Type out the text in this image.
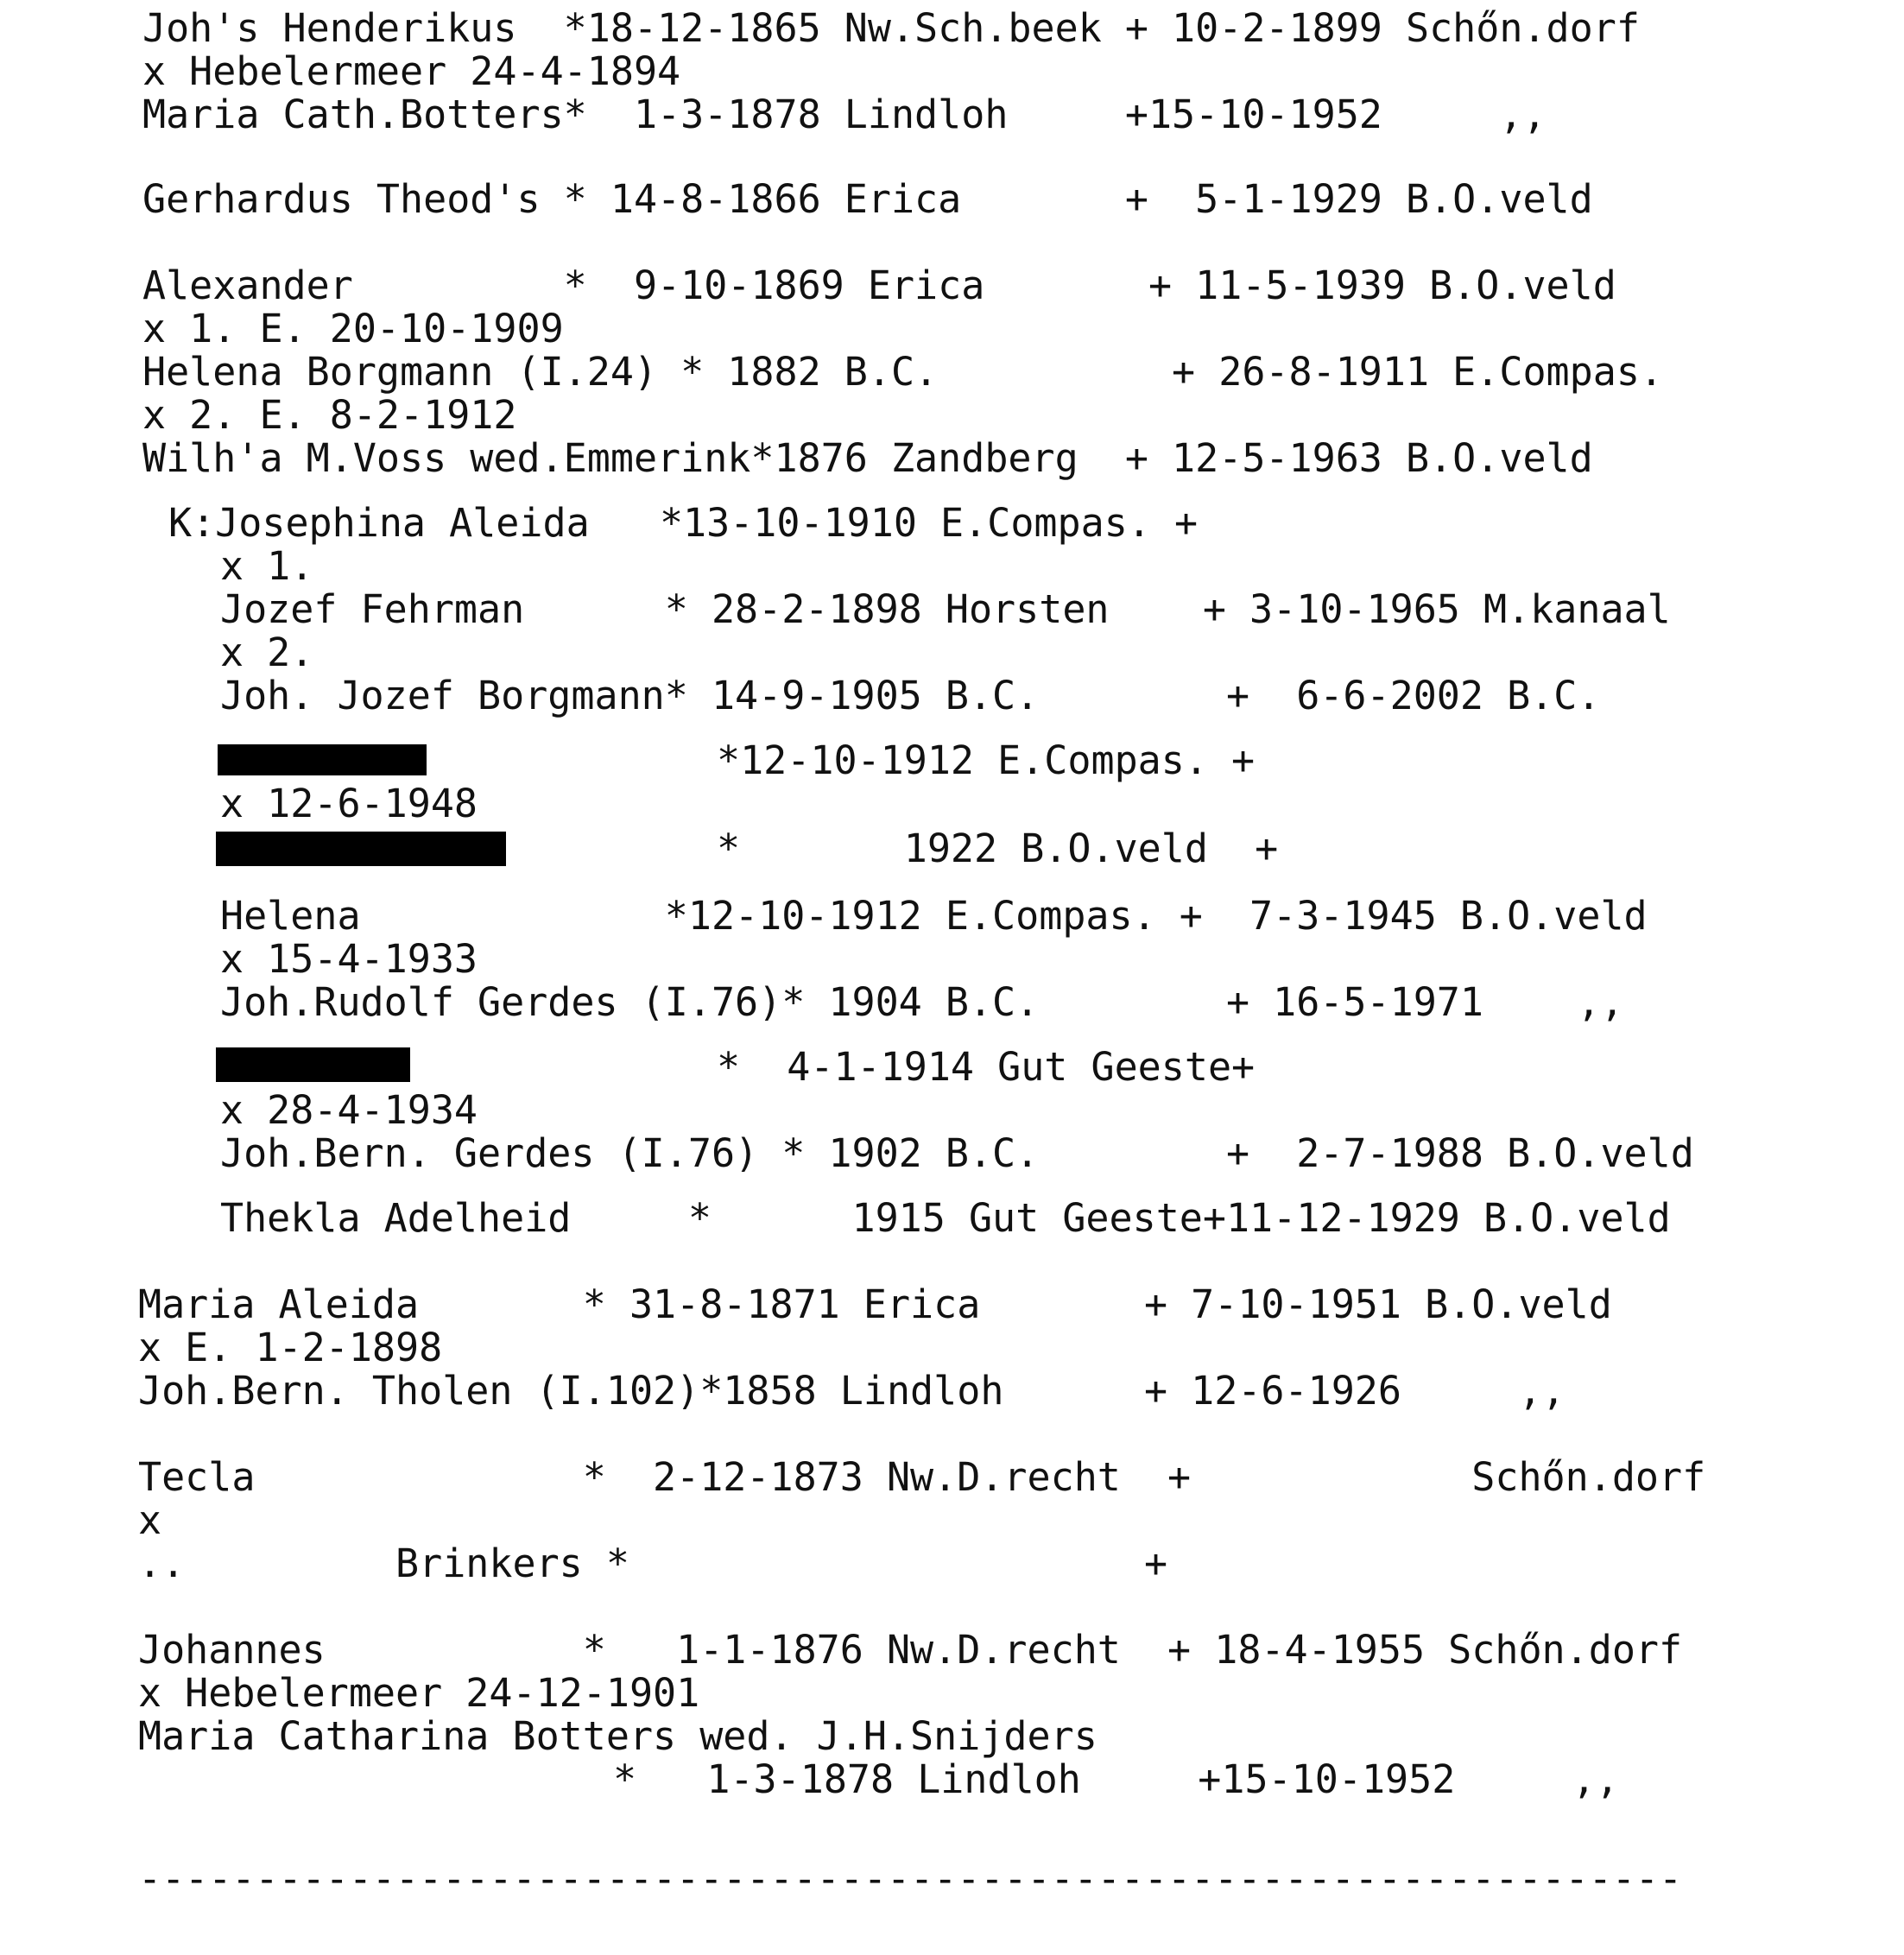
Joh's Henderikus  *18-12-1865 Nw.Sch.beek + 10-2-1899 Schőn.dorf
x Hebelermeer 24-4-1894
Maria Cath.Botters*  1-3-1878 Lindloh     +15-10-1952     ,,
Gerhardus Theod's * 14-8-1866 Erica       +  5-1-1929 B.O.veld
Alexander         *  9-10-1869 Erica       + 11-5-1939 B.O.veld
x 1. E. 20-10-1909
Helena Borgmann (I.24) * 1882 B.C.          + 26-8-1911 E.Compas.
x 2. E. 8-2-1912
Wilh'a M.Voss wed.Emmerink*1876 Zandberg  + 12-5-1963 B.O.veld
K:Josephina Aleida   *13-10-1910 E.Compas. +
x 1.
Jozef Fehrman      * 28-2-1898 Horsten    + 3-10-1965 M.kanaal
x 2.
Joh. Jozef Borgmann* 14-9-1905 B.C.        +  6-6-2002 B.C.
*12-10-1912 E.Compas. +
x 12-6-1948
*       1922 B.O.veld  +
Helena             *12-10-1912 E.Compas. +  7-3-1945 B.O.veld
x 15-4-1933
Joh.Rudolf Gerdes (I.76)* 1904 B.C.        + 16-5-1971    ,,
*  4-1-1914 Gut Geeste+
x 28-4-1934
Joh.Bern. Gerdes (I.76) * 1902 B.C.        +  2-7-1988 B.O.veld
Thekla Adelheid     *      1915 Gut Geeste+11-12-1929 B.O.veld
Maria Aleida       * 31-8-1871 Erica       + 7-10-1951 B.O.veld
x E. 1-2-1898
Joh.Bern. Tholen (I.102)*1858 Lindloh      + 12-6-1926     ,,
Tecla              *  2-12-1873 Nw.D.recht  +            Schőn.dorf
x
..         Brinkers *                      +
Johannes           *   1-1-1876 Nw.D.recht  + 18-4-1955 Schőn.dorf
x Hebelermeer 24-12-1901
Maria Catharina Botters wed. J.H.Snijders
*   1-3-1878 Lindloh     +15-10-1952     ,,
------------------------------------------------------------------
